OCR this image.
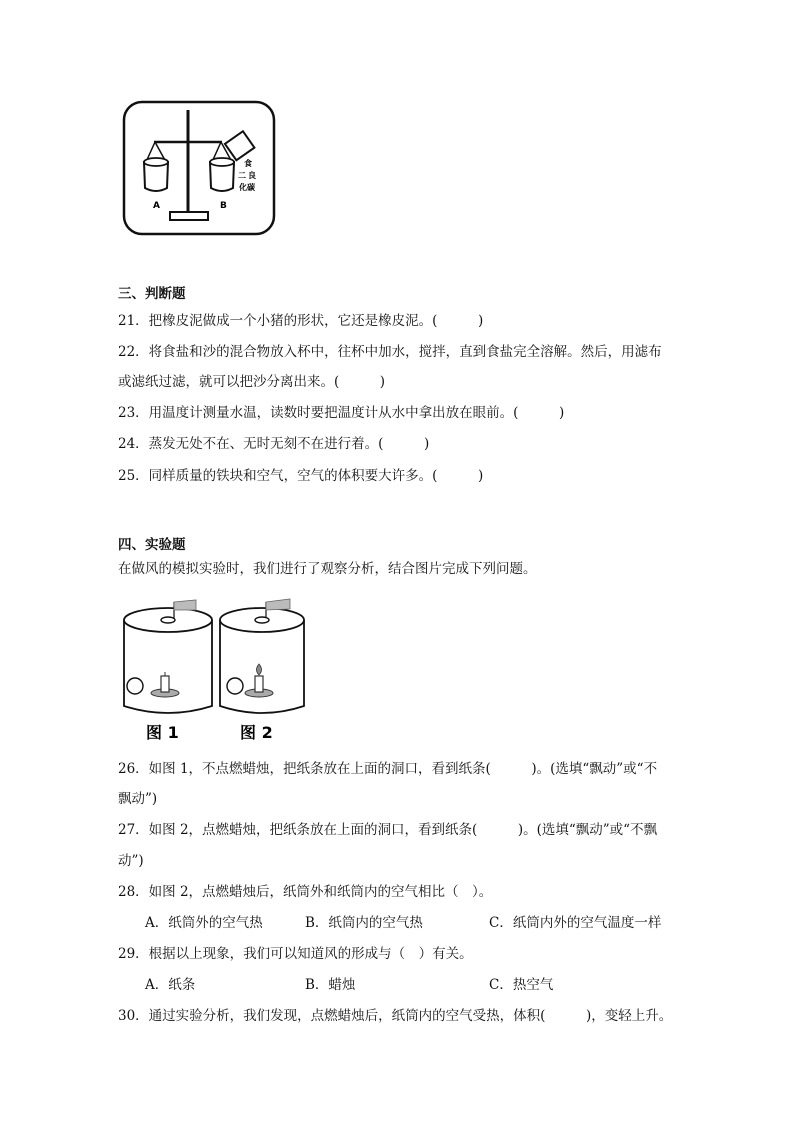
A	B
食
二 良
化碳
三、判断题
21．把橡皮泥做成一个小猪的形状，它还是橡皮泥。(　　　)
22．将食盐和沙的混合物放入杯中，往杯中加水，搅拌，直到食盐完全溶解。然后，用滤布
或滤纸过滤，就可以把沙分离出来。(　　　)
23．用温度计测量水温，读数时要把温度计从水中拿出放在眼前。(　　　)
24．蒸发无处不在、无时无刻不在进行着。(　　　)
25．同样质量的铁块和空气，空气的体积要大许多。(　　　)
四、实验题
在做风的模拟实验时，我们进行了观察分析，结合图片完成下列问题。
图 1	图 2
26．如图 1，不点燃蜡烛，把纸条放在上面的洞口，看到纸条(　　　)。(选填“飘动”或“不
飘动”)
27．如图 2，点燃蜡烛，把纸条放在上面的洞口，看到纸条(　　　)。(选填“飘动”或“不飘
动”)
28．如图 2，点燃蜡烛后，纸筒外和纸筒内的空气相比（　）。
A．纸筒外的空气热	B．纸筒内的空气热	C．纸筒内外的空气温度一样
29．根据以上现象，我们可以知道风的形成与（　）有关。
A．纸条	B．蜡烛	C．热空气
30．通过实验分析，我们发现，点燃蜡烛后，纸筒内的空气受热，体积(　　　)，变轻上升。
